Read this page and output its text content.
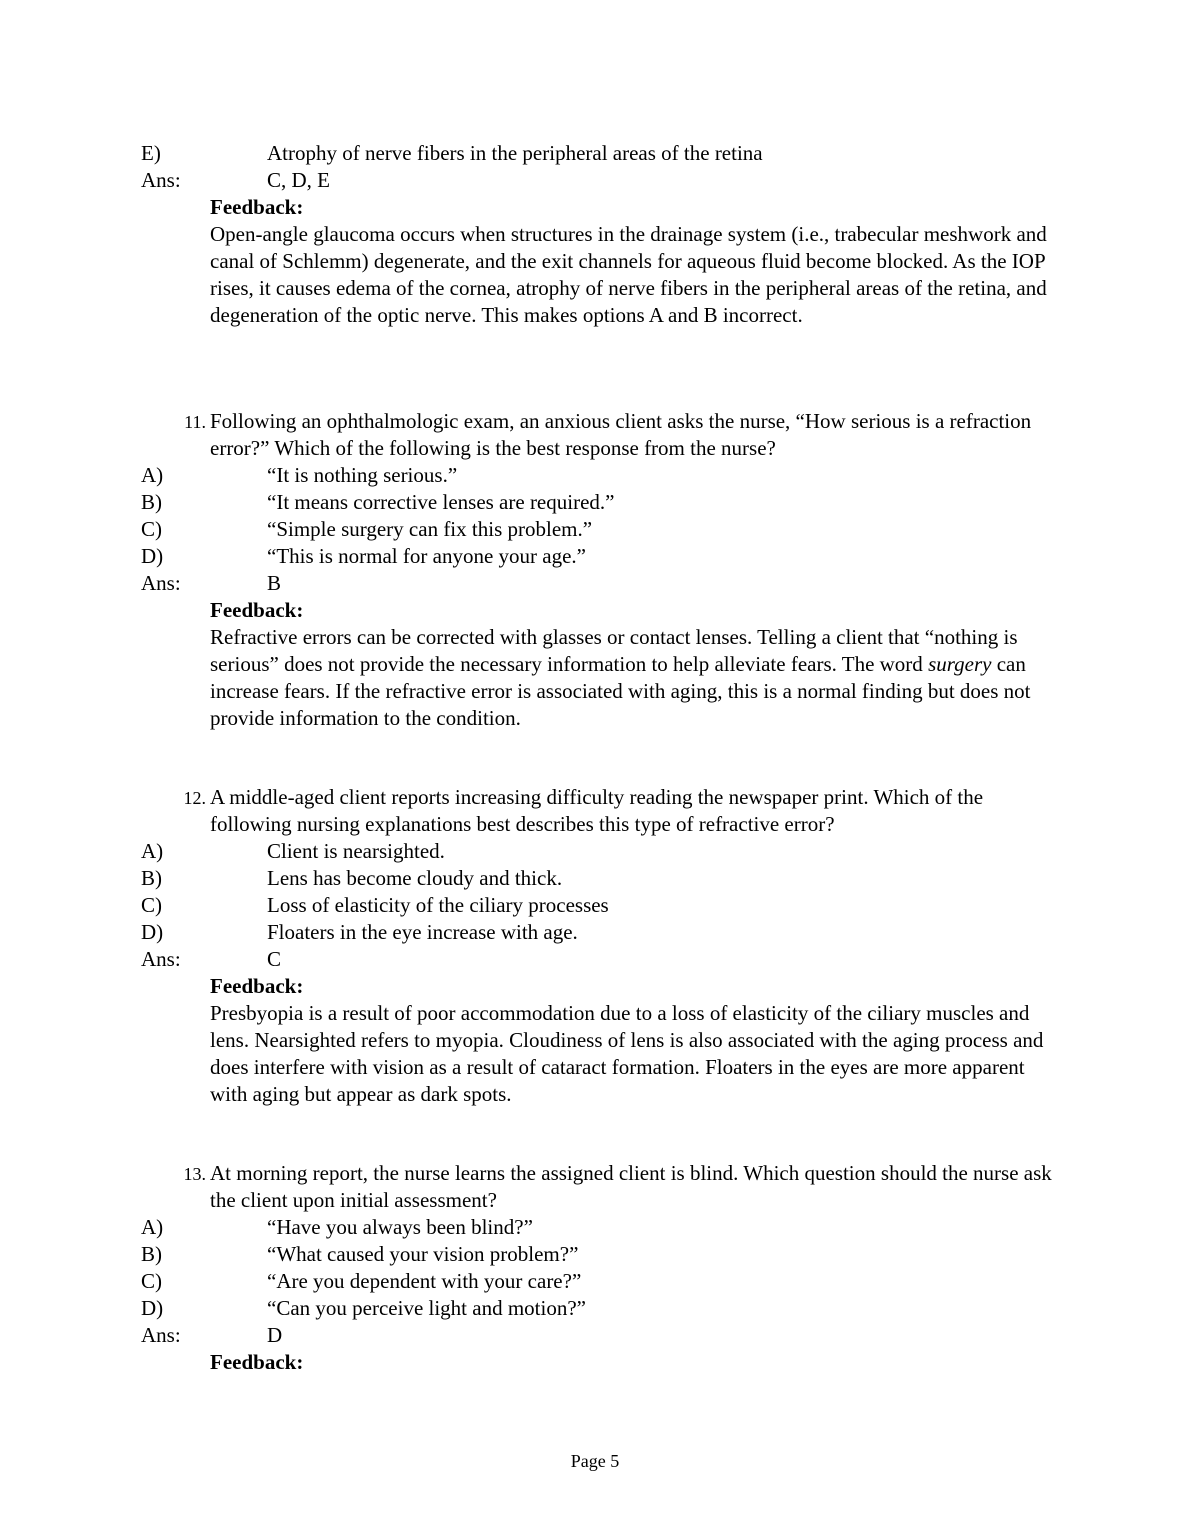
E)	Atrophy of nerve fibers in the peripheral areas of the retina
Ans:	C, D, E
Feedback:
Open-angle glaucoma occurs when structures in the drainage system (i.e., trabecular meshwork and canal of Schlemm) degenerate, and the exit channels for aqueous fluid become blocked. As the IOP rises, it causes edema of the cornea, atrophy of nerve fibers in the peripheral areas of the retina, and degeneration of the optic nerve. This makes options A and B incorrect.
11. Following an ophthalmologic exam, an anxious client asks the nurse, “How serious is a refraction error?” Which of the following is the best response from the nurse?
A)	“It is nothing serious.”
B)	“It means corrective lenses are required.”
C)	“Simple surgery can fix this problem.”
D)	“This is normal for anyone your age.”
Ans:	B
Feedback:
Refractive errors can be corrected with glasses or contact lenses. Telling a client that “nothing is serious” does not provide the necessary information to help alleviate fears. The word surgery can increase fears. If the refractive error is associated with aging, this is a normal finding but does not provide information to the condition.
12. A middle-aged client reports increasing difficulty reading the newspaper print. Which of the following nursing explanations best describes this type of refractive error?
A)	Client is nearsighted.
B)	Lens has become cloudy and thick.
C)	Loss of elasticity of the ciliary processes
D)	Floaters in the eye increase with age.
Ans:	C
Feedback:
Presbyopia is a result of poor accommodation due to a loss of elasticity of the ciliary muscles and lens. Nearsighted refers to myopia. Cloudiness of lens is also associated with the aging process and does interfere with vision as a result of cataract formation. Floaters in the eyes are more apparent with aging but appear as dark spots.
13. At morning report, the nurse learns the assigned client is blind. Which question should the nurse ask the client upon initial assessment?
A)	“Have you always been blind?”
B)	“What caused your vision problem?”
C)	“Are you dependent with your care?”
D)	“Can you perceive light and motion?”
Ans:	D
Feedback:
Page 5
